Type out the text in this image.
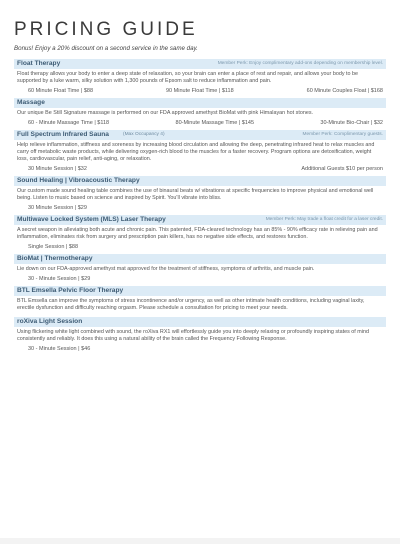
PRICING GUIDE
Bonus! Enjoy a 20% discount on a second service in the same day.
Float Therapy	Member Perk: Enjoy complimentary add-ons depending on membership level.
Float therapy allows your body to enter a deep state of relaxation, so your brain can enter a place of rest and repair, and allows your body to be supported by a luke warm, silky solution with 1,300 pounds of Epsom salt to reduce inflammation and pain.
60 Minute Float Time | $88	90 Minute Float Time | $118	60 Minute Couples Float | $168
Massage
Our unique Be Still Signature massage is performed on our FDA approved amethyst BioMat with pink Himalayan hot stones.
60 - Minute Massage Time | $118	80-Minute Massage Time | $145	30-Minute Bio-Chair | $32
Full Spectrum Infrared Sauna	(Max Occupancy 4)	Member Perk: Complimentary guests.
Help relieve inflammation, stiffness and soreness by increasing blood circulation and allowing the deep, penetrating infrared heat to relax muscles and carry off metabolic waste products, while delivering oxygen-rich blood to the muscles for a faster recovery. Program options are detoxification, weight loss, cardiovascular, pain relief, anti-aging, or relaxation.
30 Minute Session | $32	Additional Guests $10 per person
Sound Healing | Vibroacoustic Therapy
Our custom made sound healing table combines the use of binaural beats w/ vibrations at specific frequencies to improve physical and emotional well being. Listen to music based on science and inspired by Spirit. You'll vibrate into bliss.
30 Minute Session | $29
Multiwave Locked System (MLS) Laser Therapy	Member Perk: May trade a float credit for a laser credit.
A secret weapon in alleviating both acute and chronic pain. This patented, FDA-cleared technology has an 85% - 90% efficacy rate in relieving pain and inflammation, eliminates risk from surgery and prescription pain killers, has no negative side effects, and restores function.
Single Session | $88
BioMat | Thermotherapy
Lie down on our FDA-approved amethyst mat approved for the treatment of stiffness, symptoms of arthritis, and muscle pain.
30 - Minute Session | $29
BTL Emsella Pelvic Floor Therapy
BTL Emsella can improve the symptoms of stress incontinence and/or urgency, as well as other intimate health conditions, including vaginal laxity, erectile dysfunction and difficulty reaching orgasm. Please schedule a consultation for pricing to meet your needs.
roXiva Light Session
Using flickering white light combined with sound, the roXiva RX1 will effortlessly guide you into deeply relaxing or profoundly inspiring states of mind consistently and reliably. It does this using a natural ability of the brain called the Frequency Following Response.
30 - Minute Session | $46
